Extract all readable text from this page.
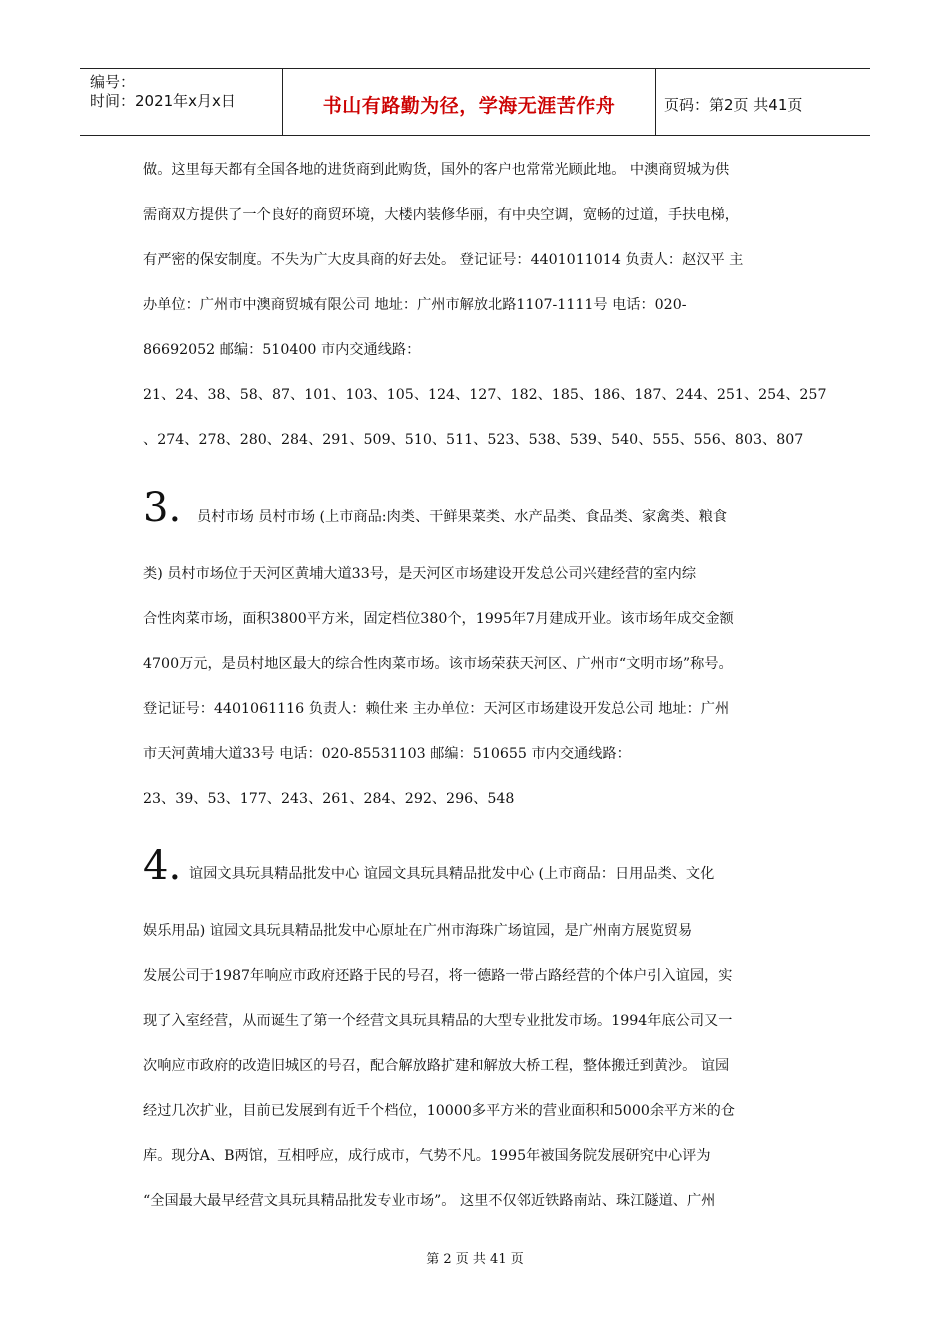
编号：
时间：2021年x月x日	书山有路勤为径，学海无涯苦作舟	页码：第2页 共41页
做。这里每天都有全国各地的进货商到此购货，国外的客户也常常光顾此地。 中澳商贸城为供
需商双方提供了一个良好的商贸环境，大楼内装修华丽，有中央空调，宽畅的过道，手扶电梯，
有严密的保安制度。不失为广大皮具商的好去处。 登记证号：4401011014 负责人：赵汉平 主
办单位：广州市中澳商贸城有限公司 地址：广州市解放北路1107-1111号 电话：020-
86692052 邮编：510400 市内交通线路：
21、24、38、58、87、101、103、105、124、127、182、185、186、187、244、251、254、257
、274、278、280、284、291、509、510、511、523、538、539、540、555、556、803、807
3. 员村市场 员村市场 (上市商品:肉类、干鲜果菜类、水产品类、食品类、家禽类、粮食
类) 员村市场位于天河区黄埔大道33号，是天河区市场建设开发总公司兴建经营的室内综
合性肉菜市场，面积3800平方米，固定档位380个，1995年7月建成开业。该市场年成交金额
4700万元，是员村地区最大的综合性肉菜市场。该市场荣获天河区、广州市“文明市场”称号。
登记证号：4401061116 负责人：赖仕来 主办单位：天河区市场建设开发总公司 地址：广州
市天河黄埔大道33号 电话：020-85531103 邮编：510655 市内交通线路：
23、39、53、177、243、261、284、292、296、548
4. 谊园文具玩具精品批发中心 谊园文具玩具精品批发中心 (上市商品：日用品类、文化
娱乐用品) 谊园文具玩具精品批发中心原址在广州市海珠广场谊园，是广州南方展览贸易
发展公司于1987年响应市政府还路于民的号召，将一德路一带占路经营的个体户引入谊园，实
现了入室经营，从而诞生了第一个经营文具玩具精品的大型专业批发市场。1994年底公司又一
次响应市政府的改造旧城区的号召，配合解放路扩建和解放大桥工程，整体搬迁到黄沙。 谊园
经过几次扩业，目前已发展到有近千个档位，10000多平方米的营业面积和5000余平方米的仓
库。现分A、B两馆，互相呼应，成行成市，气势不凡。1995年被国务院发展研究中心评为
“全国最大最早经营文具玩具精品批发专业市场”。 这里不仅邻近铁路南站、珠江隧道、广州
第 2 页 共 41 页
